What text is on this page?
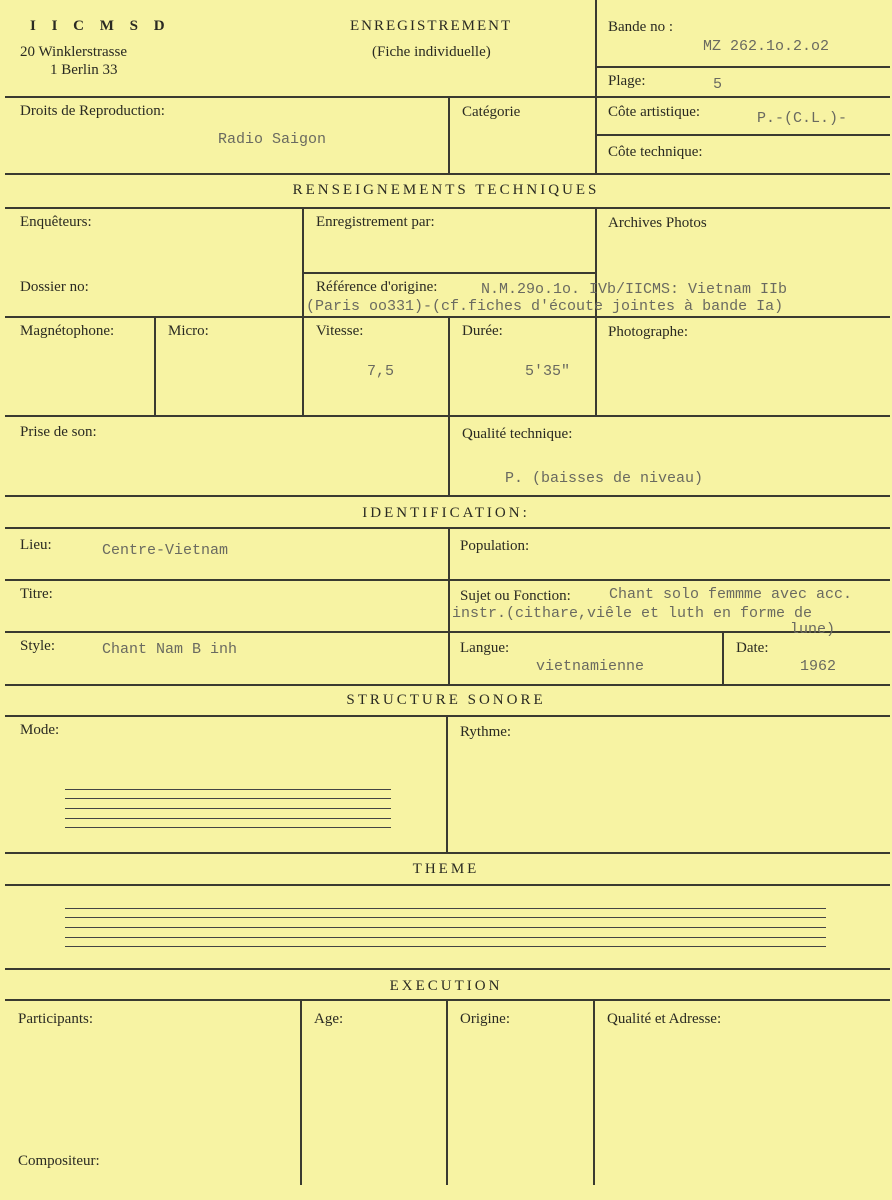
I I C M S D
20 Winklerstrasse
1 Berlin 33
ENREGISTREMENT
(Fiche individuelle)
Bande no :
MZ 262.1o.2.o2
Plage:	5
Droits de Reproduction:
Radio Saigon
Catégorie	Côte artistique:	P.-(C.L.)-
Côte technique:
RENSEIGNEMENTS TECHNIQUES
Enquêteurs:	Enregistrement par:	Archives Photos
Dossier no:	Référence d'origine:	N.M.29o.1o. IVb/IICMS: Vietnam IIb
(Paris oo331)-(cf.fiches d'écoute jointes à bande Ia)
Magnétophone:	Micro:	Vitesse:
7,5
Durée:
5'35"
Photographe:
Prise de son:	Qualité technique:
P. (baisses de niveau)
IDENTIFICATION:
Lieu:	Centre-Vietnam	Population:
Titre:	Sujet ou Fonction:	Chant solo femmme avec acc.
instr.(cithare,viêle et luth en forme de
lune)
Style:	Chant Nam B inh	Langue:
vietnamienne
Date:
1962
STRUCTURE SONORE
Mode:	Rythme:
THEME
EXECUTION
Participants:	Age:	Origine:	Qualité et Adresse:
Compositeur:
